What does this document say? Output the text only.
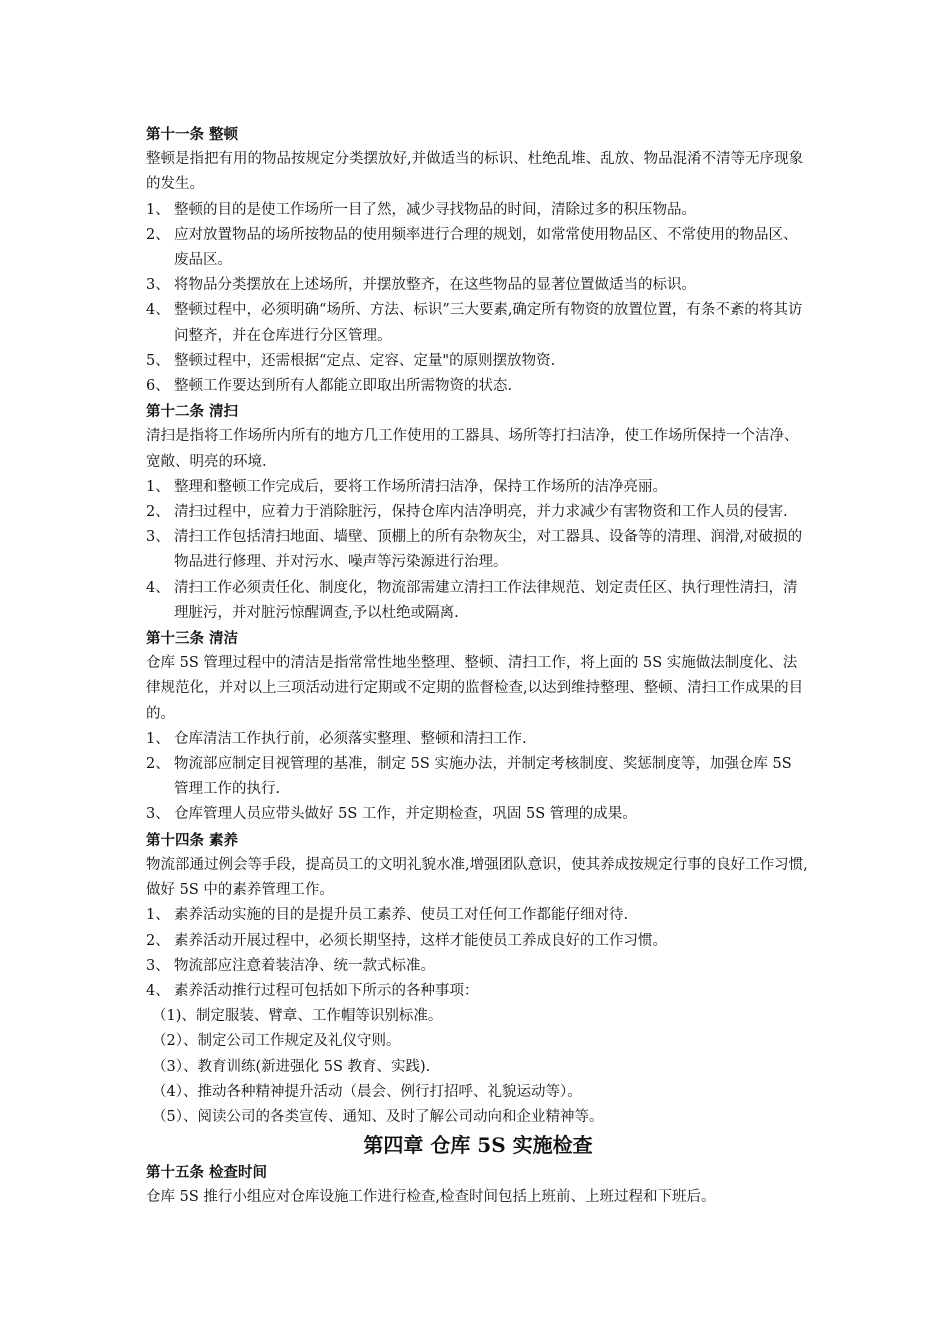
第十一条 整顿

整顿是指把有用的物品按规定分类摆放好,并做适当的标识、杜绝乱堆、乱放、物品混淆不清等无序现象的发生。

1、 整顿的目的是使工作场所一目了然，减少寻找物品的时间，清除过多的积压物品。
2、 应对放置物品的场所按物品的使用频率进行合理的规划，如常常使用物品区、不常使用的物品区、废品区。
3、 将物品分类摆放在上述场所，并摆放整齐，在这些物品的显著位置做适当的标识。
4、 整顿过程中，必须明确“场所、方法、标识”三大要素,确定所有物资的放置位置，有条不紊的将其访问整齐，并在仓库进行分区管理。
5、 整顿过程中，还需根据“定点、定容、定量"的原则摆放物资.
6、 整顿工作要达到所有人都能立即取出所需物资的状态.

第十二条 清扫

清扫是指将工作场所内所有的地方几工作使用的工器具、场所等打扫洁净，使工作场所保持一个洁净、宽敞、明亮的环境.

1、 整理和整顿工作完成后，要将工作场所清扫洁净，保持工作场所的洁净亮丽。
2、 清扫过程中，应着力于消除脏污，保持仓库内洁净明亮，并力求减少有害物资和工作人员的侵害.
3、 清扫工作包括清扫地面、墙壁、顶棚上的所有杂物灰尘，对工器具、设备等的清理、润滑,对破损的物品进行修理、并对污水、噪声等污染源进行治理。
4、 清扫工作必须责任化、制度化，物流部需建立清扫工作法律规范、划定责任区、执行理性清扫，清理脏污，并对脏污惊醒调查,予以杜绝或隔离.

第十三条 清洁

仓库 5S 管理过程中的清洁是指常常性地坐整理、整顿、清扫工作，将上面的 5S 实施做法制度化、法律规范化，并对以上三项活动进行定期或不定期的监督检查,以达到维持整理、整顿、清扫工作成果的目的。

1、 仓库清洁工作执行前，必须落实整理、整顿和清扫工作.
2、 物流部应制定目视管理的基准，制定 5S 实施办法，并制定考核制度、奖惩制度等，加强仓库 5S 管理工作的执行.
3、 仓库管理人员应带头做好 5S 工作，并定期检查，巩固 5S 管理的成果。

第十四条 素养

物流部通过例会等手段，提高员工的文明礼貌水准,增强团队意识，使其养成按规定行事的良好工作习惯,做好 5S 中的素养管理工作。

1、 素养活动实施的目的是提升员工素养、使员工对任何工作都能仔细对待.
2、 素养活动开展过程中，必须长期坚持，这样才能使员工养成良好的工作习惯。
3、 物流部应注意着装洁净、统一款式标准。
4、 素养活动推行过程可包括如下所示的各种事项：

（1)、制定服装、臂章、工作帽等识别标准。

（2）、制定公司工作规定及礼仪守则。

（3）、教育训练(新进强化 5S 教育、实践).

（4）、推动各种精神提升活动（晨会、例行打招呼、礼貌运动等）。

（5）、阅读公司的各类宣传、通知、及时了解公司动向和企业精神等。

第四章 仓库 5S 实施检查

第十五条 检查时间

仓库 5S 推行小组应对仓库设施工作进行检查,检查时间包括上班前、上班过程和下班后。
